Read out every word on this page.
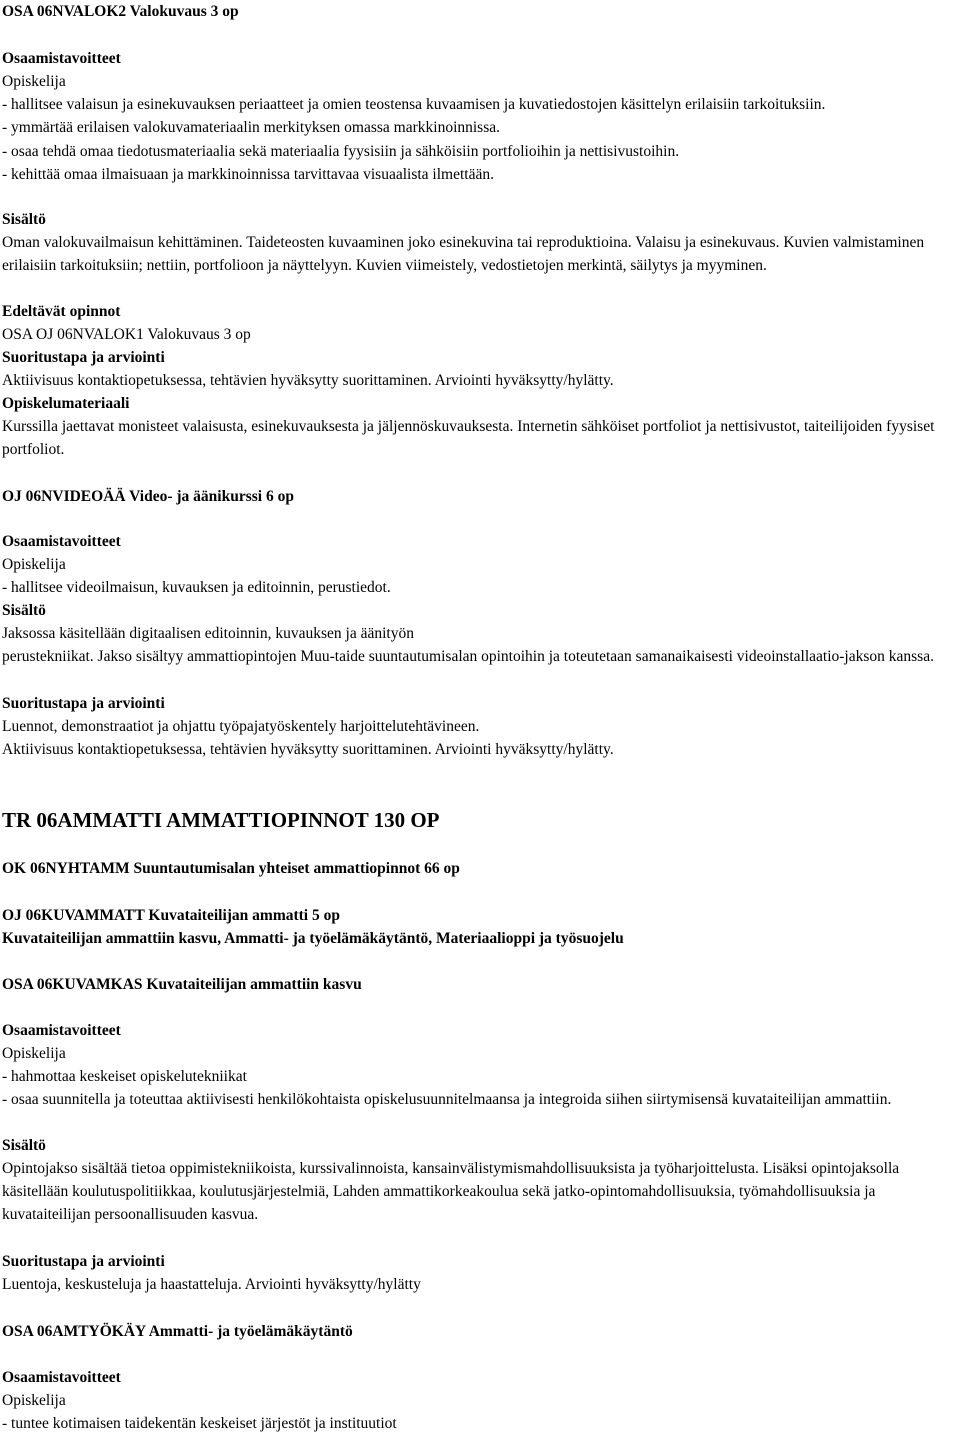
OSA 06NVALOK2 Valokuvaus 3 op

Osaamistavoitteet

Opiskelija

- hallitsee valaisun ja esinekuvauksen periaatteet ja omien teostensa kuvaamisen ja kuvatiedostojen käsittelyn erilaisiin tarkoituksiin.

- ymmärtää erilaisen valokuvamateriaalin merkityksen omassa markkinoinnissa.

- osaa tehdä omaa tiedotusmateriaalia sekä materiaalia fyysisiin ja sähköisiin portfolioihin ja nettisivustoihin.

- kehittää omaa ilmaisuaan ja markkinoinnissa tarvittavaa visuaalista ilmettään.

Sisältö

Oman valokuvailmaisun kehittäminen. Taideteosten kuvaaminen joko esinekuvina tai reproduktioina. Valaisu ja esinekuvaus. Kuvien valmistaminen erilaisiin tarkoituksiin; nettiin, portfolioon ja näyttelyyn. Kuvien viimeistely, vedostietojen merkintä, säilytys ja myyminen.

Edeltävät opinnot

OSA OJ 06NVALOK1 Valokuvaus 3 op

Suoritustapa ja arviointi

Aktiivisuus kontaktiopetuksessa, tehtävien hyväksytty suorittaminen. Arviointi hyväksytty/hylätty.

Opiskelumateriaali

Kurssilla jaettavat monisteet valaisusta, esinekuvauksesta ja jäljennöskuvauksesta. Internetin sähköiset portfoliot ja nettisivustot, taiteilijoiden fyysiset portfoliot.

OJ 06NVIDEOÄÄ Video- ja äänikurssi 6 op

Osaamistavoitteet

Opiskelija

- hallitsee videoilmaisun, kuvauksen ja editoinnin, perustiedot.

Sisältö

Jaksossa käsitellään digitaalisen editoinnin, kuvauksen ja äänityön

perustekniikat. Jakso sisältyy ammattiopintojen Muu-taide suuntautumisalan opintoihin ja toteutetaan samanaikaisesti videoinstallaatio-jakson kanssa.

Suoritustapa ja arviointi

Luennot, demonstraatiot ja ohjattu työpajatyöskentely harjoittelutehtävineen.

Aktiivisuus kontaktiopetuksessa, tehtävien hyväksytty suorittaminen. Arviointi hyväksytty/hylätty.

TR 06AMMATTI AMMATTIOPINNOT 130 OP

OK 06NYHTAMM Suuntautumisalan yhteiset ammattiopinnot 66 op

OJ 06KUVAMMATT Kuvataiteilijan ammatti 5 op

Kuvataiteilijan ammattiin kasvu, Ammatti- ja työelämäkäytäntö, Materiaalioppi ja työsuojelu

OSA 06KUVAMKAS Kuvataiteilijan ammattiin kasvu

Osaamistavoitteet

Opiskelija

- hahmottaa keskeiset opiskelutekniikat

- osaa suunnitella ja toteuttaa aktiivisesti henkilökohtaista opiskelusuunnitelmaansa ja integroida siihen siirtymisensä kuvataiteilijan ammattiin.

Sisältö

Opintojakso sisältää tietoa oppimistekniikoista, kurssivalinnoista, kansainvälistymismahdollisuuksista ja työharjoittelusta. Lisäksi opintojaksolla käsitellään koulutuspolitiikkaa, koulutusjärjestelmiä, Lahden ammattikorkeakoulua sekä jatko-opintomahdollisuuksia, työmahdollisuuksia ja kuvataiteilijan persoonallisuuden kasvua.

Suoritustapa ja arviointi

Luentoja, keskusteluja ja haastatteluja. Arviointi hyväksytty/hylätty

OSA 06AMTYÖKÄY Ammatti- ja työelämäkäytäntö

Osaamistavoitteet

Opiskelija

- tuntee kotimaisen taidekentän keskeiset järjestöt ja instituutiot
